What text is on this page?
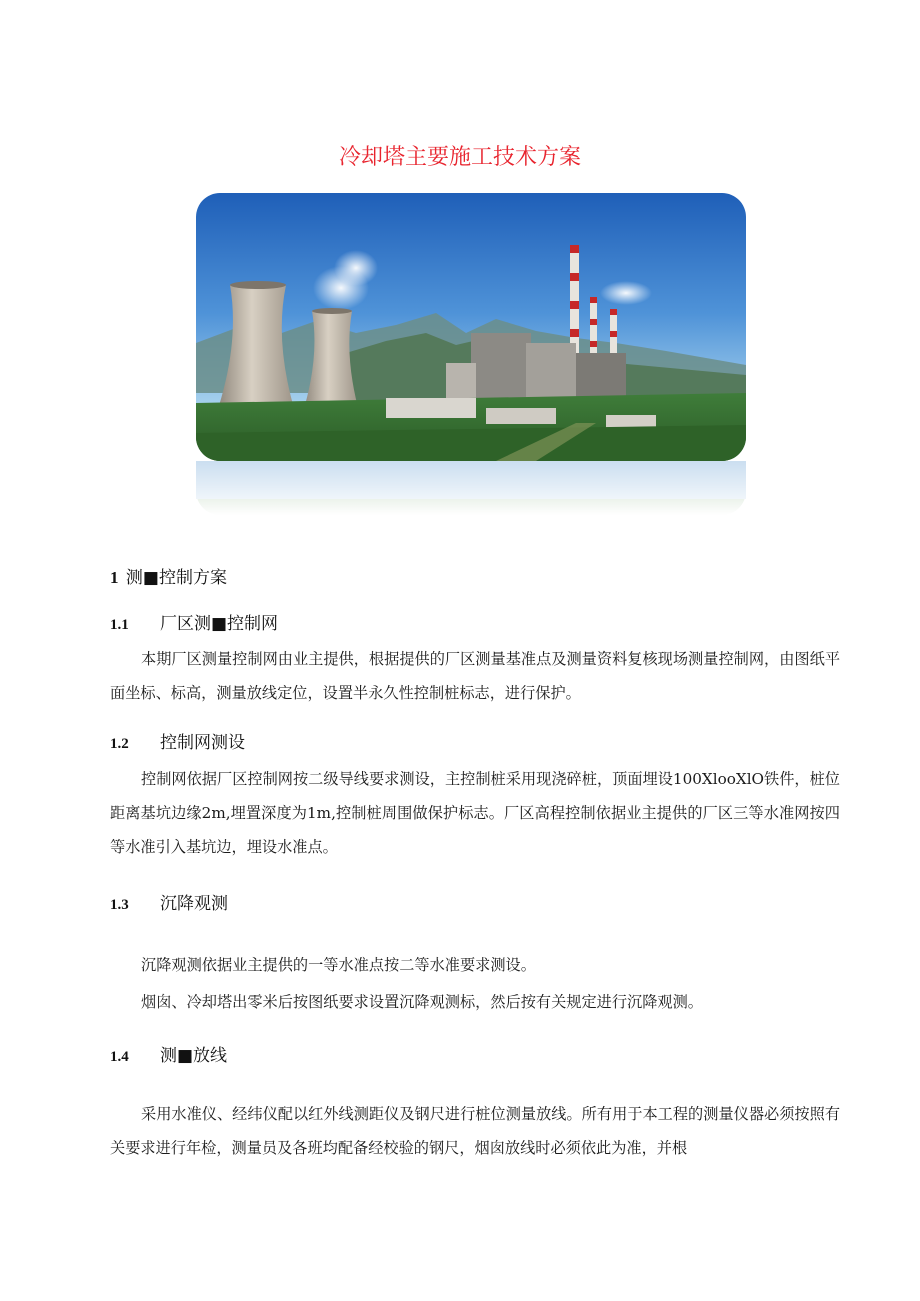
冷却塔主要施工技术方案
1 测■控制方案
1.1 厂区测■控制网

本期厂区测量控制网由业主提供，根据提供的厂区测量基准点及测量资料复核现场测量控制网，由图纸平面坐标、标高，测量放线定位，设置半永久性控制桩标志，进行保护。

1.2 控制网测设

控制网依据厂区控制网按二级导线要求测设，主控制桩采用现浇碎桩，顶面埋设100XlooXlO铁件，桩位距离基坑边缘2m,埋置深度为1m,控制桩周围做保护标志。厂区高程控制依据业主提供的厂区三等水准网按四等水准引入基坑边，埋设水准点。

1.3 沉降观测
沉降观测依据业主提供的一等水准点按二等水准要求测设。
烟囱、冷却塔出零米后按图纸要求设置沉降观测标，然后按有关规定进行沉降观测。
1.4 测■放线

采用水准仪、经纬仪配以红外线测距仪及钢尺进行桩位测量放线。所有用于本工程的测量仪器必须按照有关要求进行年检，测量员及各班均配备经校验的钢尺，烟囱放线时必须依此为准，并根
